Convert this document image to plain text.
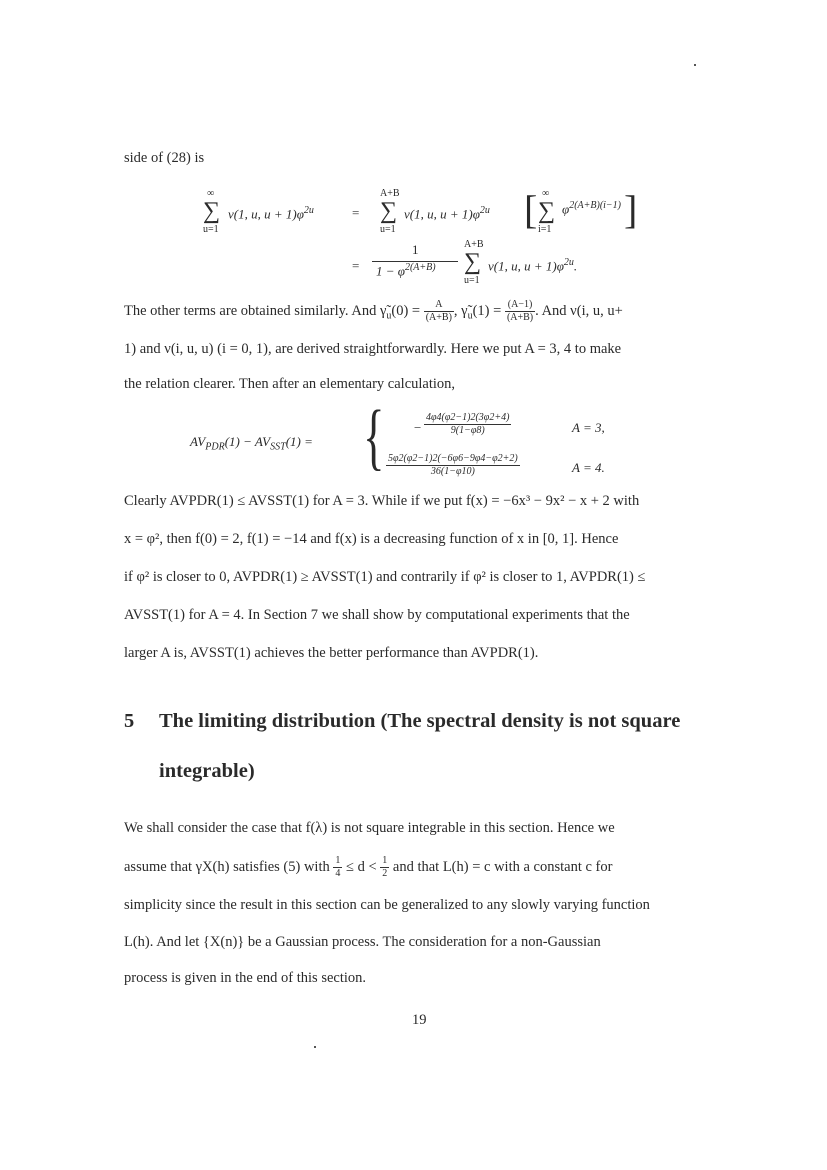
side of (28) is
∞
∑
u=1
ν(1, u, $u + 1)\varphi^{2u}$	=
A+B
∑
u=1
ν(1, u, $u + 1)\varphi^{2u}$ [ ∞
∑
i=1
$\varphi^{2(A+B)(i-1)}$ ]
=
1
$1 - \varphi^{2(A+B)}$
A+B
∑
u=1
ν(1, u, $u + 1)\varphi^{2u}$.
The other terms are obtained similarly. And $\gammã_u(0) = \frac{A}{(A+B)}$ , $\gammã_u(1) = \frac{(A-1)}{(A+B)}$ . And ν(i, u, u+
1) and ν(i, u, u) (i = 0, 1), are derived straightforwardly. Here we put A = 3, 4 to make
the relation clearer. Then after an elementary calculation,
$AV_{PDR}(1) - AV_{SST}(1)$ = { −
4φ4(φ2−1)2(3φ2+4)
9(1−φ8)	A = 3,
5φ2(φ2−1)2(−6φ6−9φ4−φ2+2)
36(1−φ10)	A = 4.
Clearly AVPDR(1) ≤ AVSST(1) for A = 3. While if we put f(x) = −6x³ − 9x² − x + 2 with
x = φ², then f(0) = 2, f(1) = −14 and f(x) is a decreasing function of x in [0, 1]. Hence
if φ² is closer to 0, AVPDR(1) ≥ AVSST(1) and contrarily if φ² is closer to 1, AVPDR(1) ≤
AVSST(1) for A = 4. In Section 7 we shall show by computational experiments that the
larger A is, AVSST(1) achieves the better performance than AVPDR(1).
5 The limiting distribution (The spectral density is not square
integrable)
We shall consider the case that f(λ) is not square integrable in this section. Hence we
assume that γX(h) satisfies (5) with $\frac{1}{4} \le d < \frac{1}{2}$ and that L(h) = c with a constant c for
simplicity since the result in this section can be generalized to any slowly varying function
L(h). And let {X(n)} be a Gaussian process. The consideration for a non-Gaussian
process is given in the end of this section.
19
